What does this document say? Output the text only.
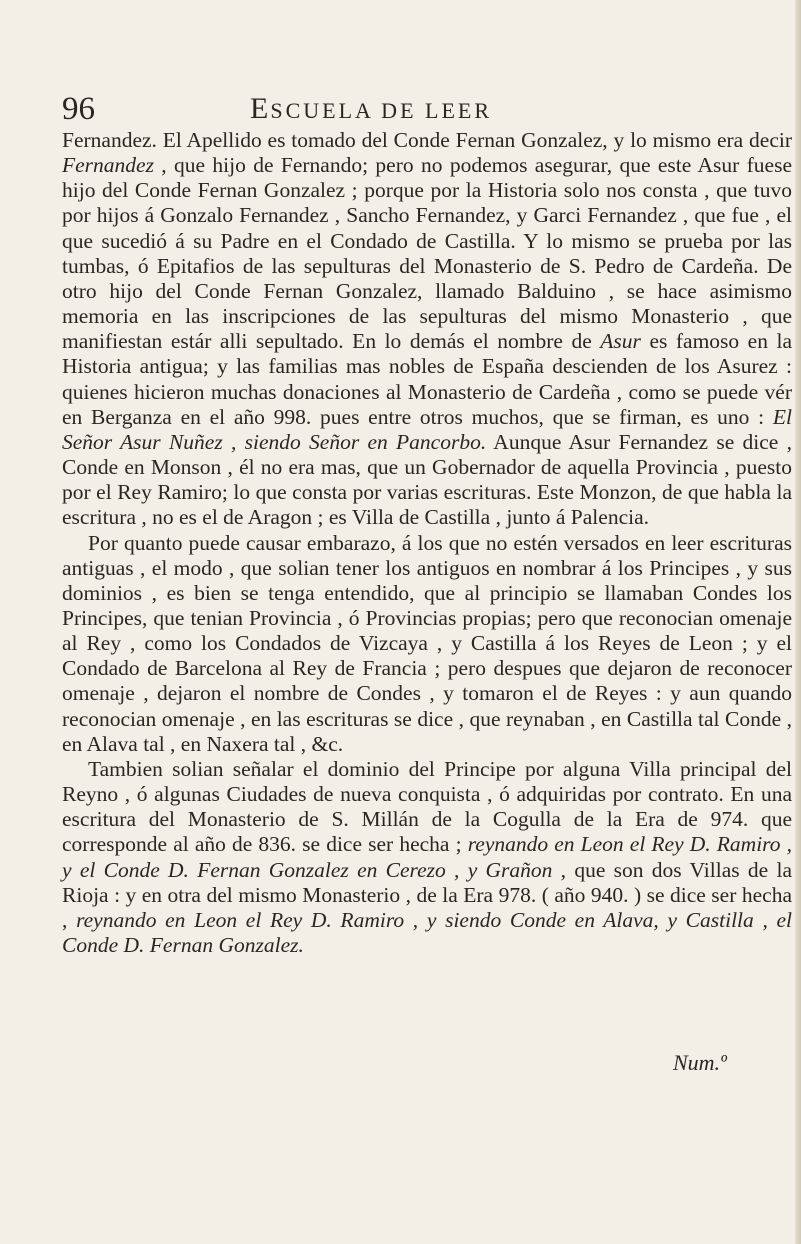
96	ESCUELA DE LEER

Fernandez. El Apellido es tomado del Conde Fernan Gonzalez, y lo mismo era decir Fernandez , que hijo de Fernando; pero no podemos asegurar, que este Asur fuese hijo del Conde Fernan Gonzalez ; porque por la Historia solo nos consta , que tuvo por hijos á Gonzalo Fernandez , Sancho Fernandez, y Garci Fernandez , que fue , el que sucedió á su Padre en el Condado de Castilla. Y lo mismo se prueba por las tumbas, ó Epitafios de las sepulturas del Monasterio de S. Pedro de Cardeña. De otro hijo del Conde Fernan Gonzalez, llamado Balduino , se hace asimismo memoria en las inscripciones de las sepulturas del mismo Monasterio , que manifiestan estár alli sepultado. En lo demás el nombre de Asur es famoso en la Historia antigua; y las familias mas nobles de España descienden de los Asurez : quienes hicieron muchas donaciones al Monasterio de Cardeña , como se puede vér en Berganza en el año 998. pues entre otros muchos, que se firman, es uno : El Señor Asur Nuñez , siendo Señor en Pancorbo. Aunque Asur Fernandez se dice , Conde en Monson , él no era mas, que un Gobernador de aquella Provincia , puesto por el Rey Ramiro; lo que consta por varias escrituras. Este Monzon, de que habla la escritura , no es el de Aragon ; es Villa de Castilla , junto á Palencia.

Por quanto puede causar embarazo, á los que no estén versados en leer escrituras antiguas , el modo , que solian tener los antiguos en nombrar á los Principes , y sus dominios , es bien se tenga entendido, que al principio se llamaban Condes los Principes, que tenian Provincia , ó Provincias propias; pero que reconocian omenaje al Rey , como los Condados de Vizcaya , y Castilla á los Reyes de Leon ; y el Condado de Barcelona al Rey de Francia ; pero despues que dejaron de reconocer omenaje , dejaron el nombre de Condes , y tomaron el de Reyes : y aun quando reconocian omenaje , en las escrituras se dice , que reynaban , en Castilla tal Conde , en Alava tal , en Naxera tal , &c.

Tambien solian señalar el dominio del Principe por alguna Villa principal del Reyno , ó algunas Ciudades de nueva conquista , ó adquiridas por contrato. En una escritura del Monasterio de S. Millán de la Cogulla de la Era de 974. que corresponde al año de 836. se dice ser hecha ; reynando en Leon el Rey D. Ramiro , y el Conde D. Fernan Gonzalez en Cerezo , y Grañon , que son dos Villas de la Rioja : y en otra del mismo Monasterio , de la Era 978. ( año 940. ) se dice ser hecha , reynando en Leon el Rey D. Ramiro , y siendo Conde en Alava, y Castilla , el Conde D. Fernan Gonzalez.

Num.º
